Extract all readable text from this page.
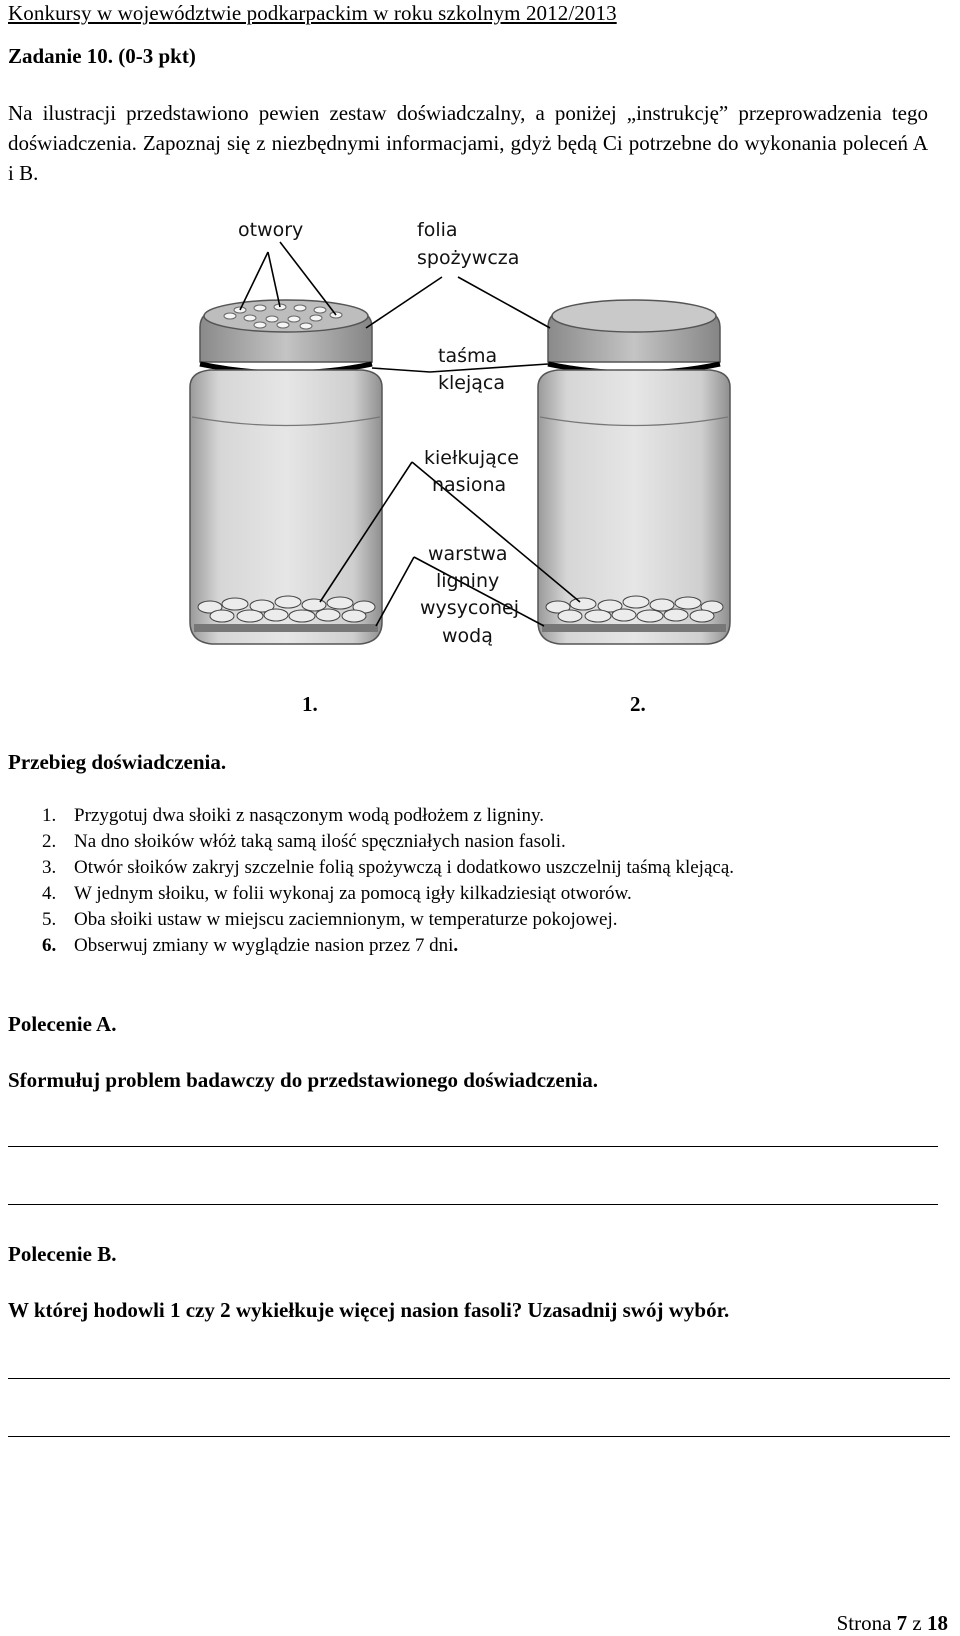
Konkursy w województwie podkarpackim w roku szkolnym 2012/2013
Zadanie 10. (0-3 pkt)
Na ilustracji przedstawiono pewien zestaw doświadczalny, a poniżej „instrukcję” przeprowadzenia tego doświadczenia. Zapoznaj się z niezbędnymi informacjami, gdyż będą Ci potrzebne do wykonania poleceń A i B.
otwory	folia
spożywcza
taśma
klejąca
kiełkujące
nasiona
warstwa
ligniny
wysyconej
wodą
1.	2.
Przebieg doświadczenia.
1. Przygotuj dwa słoiki z nasączonym wodą podłożem z ligniny.
2. Na dno słoików włóż taką samą ilość spęczniałych nasion fasoli.
3. Otwór słoików zakryj szczelnie folią spożywczą i dodatkowo uszczelnij taśmą klejącą.
4. W jednym słoiku, w folii wykonaj za pomocą igły kilkadziesiąt otworów.
5. Oba słoiki ustaw w miejscu zaciemnionym, w temperaturze pokojowej.
6. Obserwuj zmiany w wyglądzie nasion przez 7 dni.
Polecenie A.
Sformułuj problem badawczy do przedstawionego doświadczenia.
Polecenie B.
W której hodowli 1 czy 2 wykiełkuje więcej nasion fasoli? Uzasadnij swój wybór.
Strona 7 z 18
